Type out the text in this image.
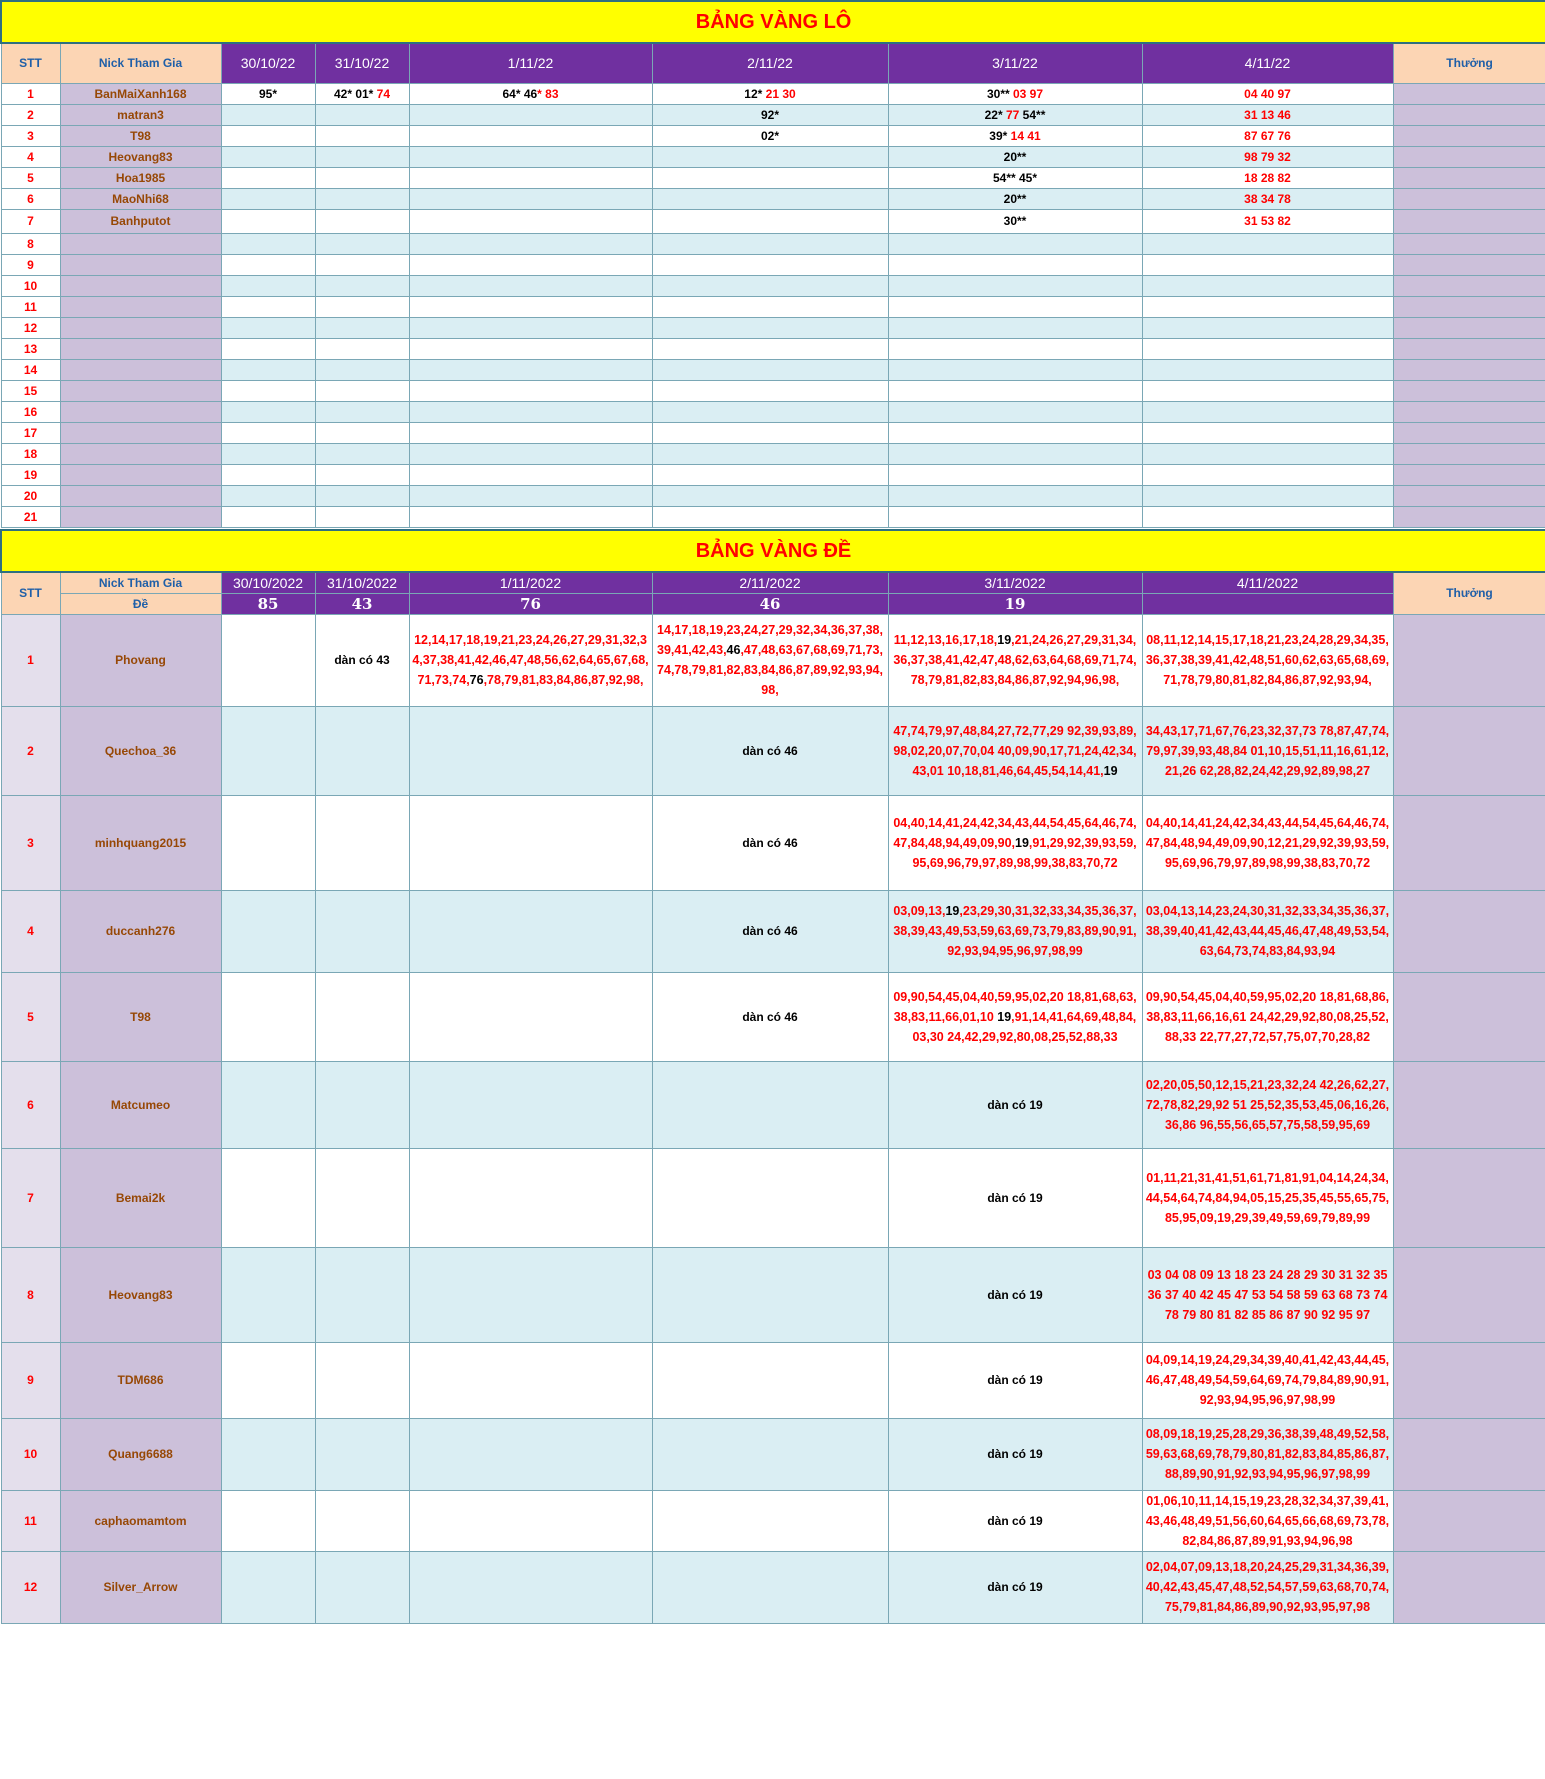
BẢNG VÀNG LÔ								
STT	Nick Tham Gia	30/10/22	31/10/22	1/11/22	2/11/22	3/11/22	4/11/22	Thưởng
1	BanMaiXanh168	95*	42* 01* 74	64* 46* 83	12* 21 30	30** 03 97	04 40 97	
2	matran3				92*	22* 77 54**	31 13 46	
3	T98				02*	39* 14 41	87 67 76	
4	Heovang83					20**	98 79 32	
5	Hoa1985					54** 45*	18 28 82	
6	MaoNhi68					20**	38 34 78	
7	Banhputot					30**	31 53 82	
8								
9								
10								
11								
12								
13								
14								
15								
16								
17								
18								
19								
20								
21								
BẢNG VÀNG ĐỀ								
STT	Nick Tham Gia	30/10/2022	31/10/2022	1/11/2022	2/11/2022	3/11/2022	4/11/2022	Thưởng
	Đề	85	43	76	46	19		
1	Phovang		dàn có 43	12,14,17,18,19,21,23,24,26,27,29,31,32,34,37,38,41,42,46,47,48,56,62,64,65,67,68,71,73,74,76,78,79,81,83,84,86,87,92,98,	14,17,18,19,23,24,27,29,32,34,36,37,38,39,41,42,43,46,47,48,63,67,68,69,71,73,74,78,79,81,82,83,84,86,87,89,92,93,94,98,	11,12,13,16,17,18,19,21,24,26,27,29,31,34,36,37,38,41,42,47,48,62,63,64,68,69,71,74,78,79,81,82,83,84,86,87,92,94,96,98,	08,11,12,14,15,17,18,21,23,24,28,29,34,35,36,37,38,39,41,42,48,51,60,62,63,65,68,69,71,78,79,80,81,82,84,86,87,92,93,94,	
2	Quechoa_36				dàn có 46	47,74,79,97,48,84,27,72,77,29 92,39,93,89,98,02,20,07,70,04 40,09,90,17,71,24,42,34,43,01 10,18,81,46,64,45,54,14,41,19	34,43,17,71,67,76,23,32,37,73 78,87,47,74,79,97,39,93,48,84 01,10,15,51,11,16,61,12,21,26 62,28,82,24,42,29,92,89,98,27	
3	minhquang2015				dàn có 46	04,40,14,41,24,42,34,43,44,54,45,64,46,74,47,84,48,94,49,09,90,19,91,29,92,39,93,59,95,69,96,79,97,89,98,99,38,83,70,72	04,40,14,41,24,42,34,43,44,54,45,64,46,74,47,84,48,94,49,09,90,12,21,29,92,39,93,59,95,69,96,79,97,89,98,99,38,83,70,72	
4	duccanh276				dàn có 46	03,09,13,19,23,29,30,31,32,33,34,35,36,37,38,39,43,49,53,59,63,69,73,79,83,89,90,91,92,93,94,95,96,97,98,99	03,04,13,14,23,24,30,31,32,33,34,35,36,37,38,39,40,41,42,43,44,45,46,47,48,49,53,54,63,64,73,74,83,84,93,94	
5	T98				dàn có 46	09,90,54,45,04,40,59,95,02,20 18,81,68,63,38,83,11,66,01,10 19,91,14,41,64,69,48,84,03,30 24,42,29,92,80,08,25,52,88,33	09,90,54,45,04,40,59,95,02,20 18,81,68,86,38,83,11,66,16,61 24,42,29,92,80,08,25,52,88,33 22,77,27,72,57,75,07,70,28,82	
6	Matcumeo					dàn có 19	02,20,05,50,12,15,21,23,32,24 42,26,62,27,72,78,82,29,92 51 25,52,35,53,45,06,16,26,36,86 96,55,56,65,57,75,58,59,95,69	
7	Bemai2k					dàn có 19	01,11,21,31,41,51,61,71,81,91,04,14,24,34,44,54,64,74,84,94,05,15,25,35,45,55,65,75,85,95,09,19,29,39,49,59,69,79,89,99	
8	Heovang83					dàn có 19	03 04 08 09 13 18 23 24 28 29 30 31 32 35 36 37 40 42 45 47 53 54 58 59 63 68 73 74 78 79 80 81 82 85 86 87 90 92 95 97	
9	TDM686					dàn có 19	04,09,14,19,24,29,34,39,40,41,42,43,44,45,46,47,48,49,54,59,64,69,74,79,84,89,90,91,92,93,94,95,96,97,98,99	
10	Quang6688					dàn có 19	08,09,18,19,25,28,29,36,38,39,48,49,52,58,59,63,68,69,78,79,80,81,82,83,84,85,86,87,88,89,90,91,92,93,94,95,96,97,98,99	
11	caphaomamtom					dàn có 19	01,06,10,11,14,15,19,23,28,32,34,37,39,41,43,46,48,49,51,56,60,64,65,66,68,69,73,78,82,84,86,87,89,91,93,94,96,98	
12	Silver_Arrow					dàn có 19	02,04,07,09,13,18,20,24,25,29,31,34,36,39,40,42,43,45,47,48,52,54,57,59,63,68,70,74,75,79,81,84,86,89,90,92,93,95,97,98	
